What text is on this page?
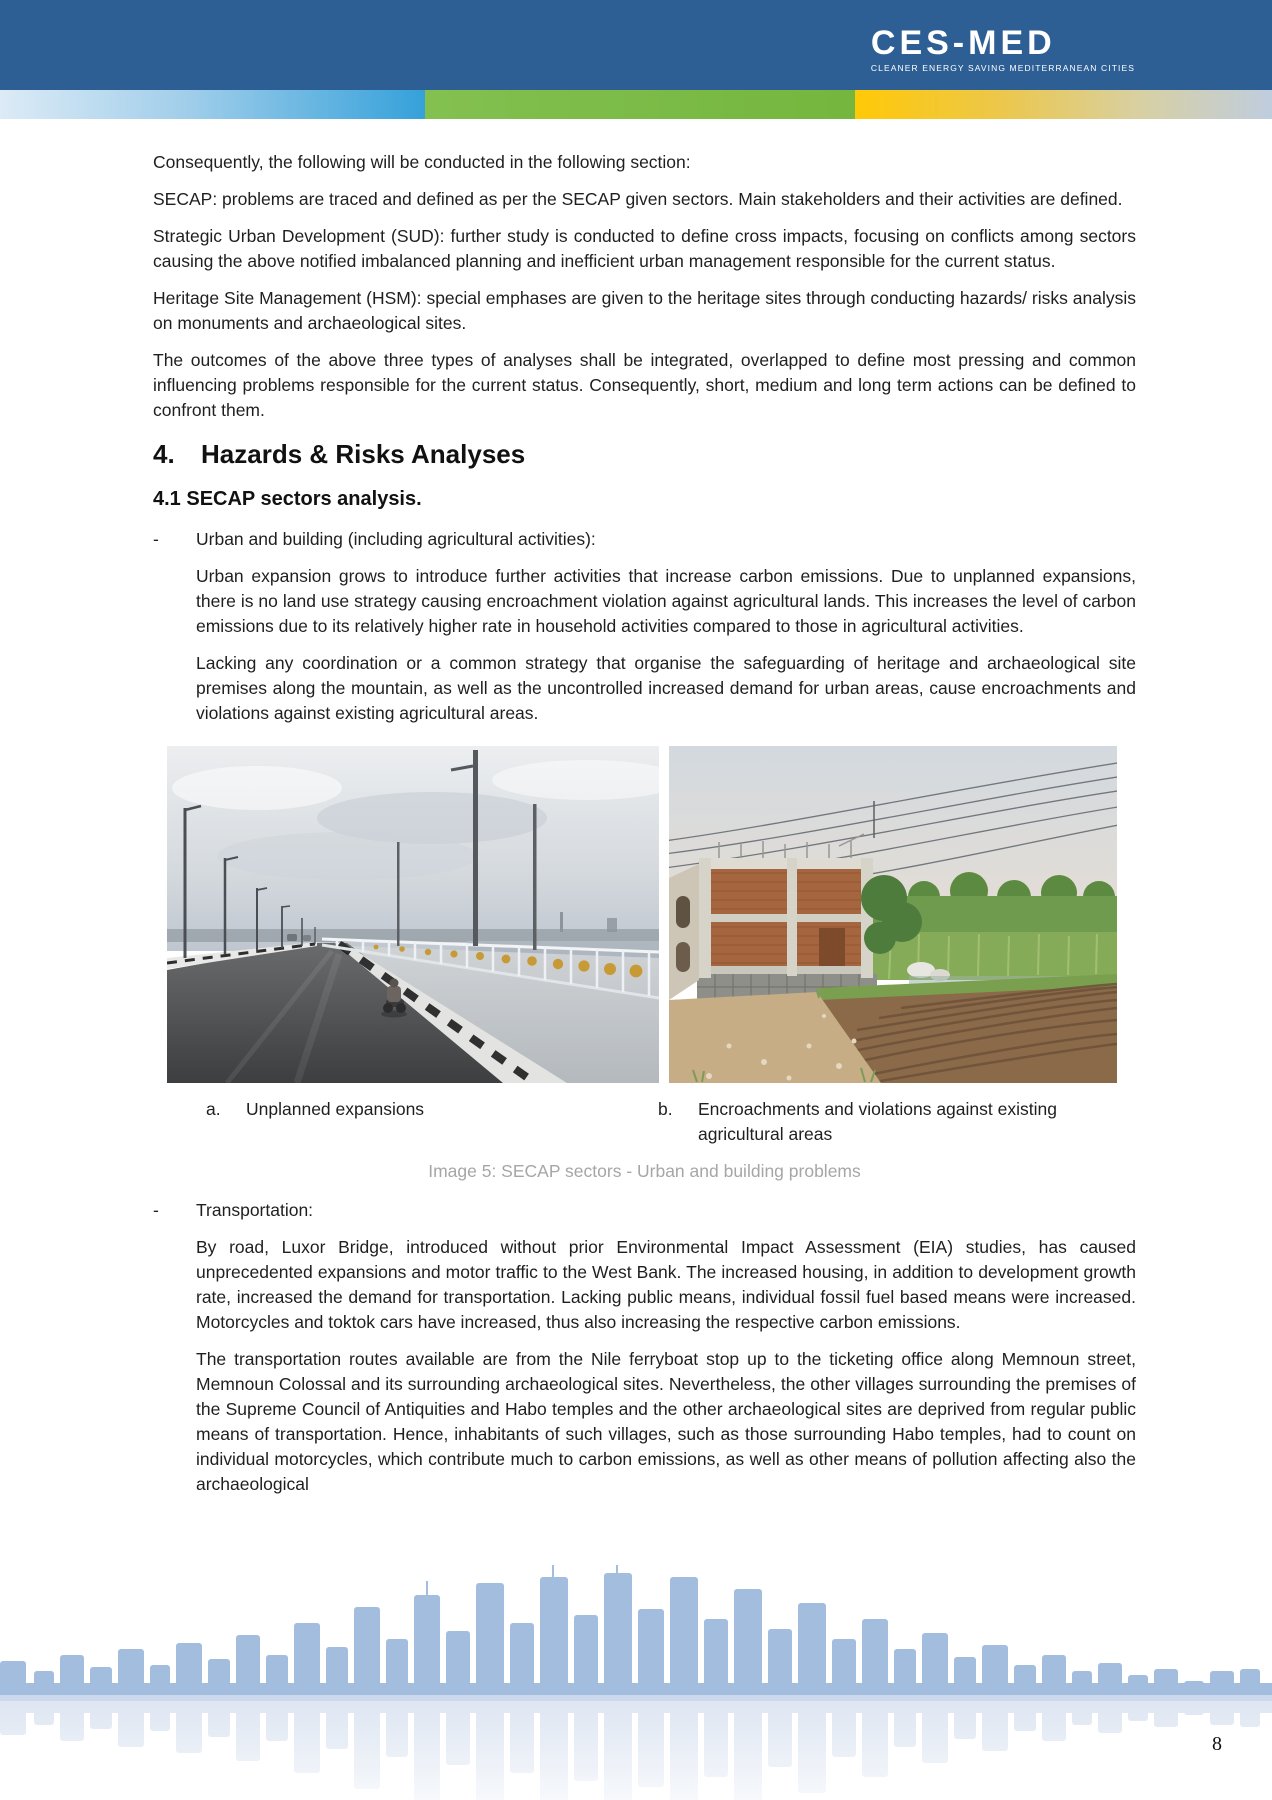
CES-MED
CLEANER ENERGY SAVING MEDITERRANEAN CITIES

Consequently, the following will be conducted in the following section:

SECAP: problems are traced and defined as per the SECAP given sectors. Main stakeholders and their activities are defined.

Strategic Urban Development (SUD): further study is conducted to define cross impacts, focusing on conflicts among sectors causing the above notified imbalanced planning and inefficient urban management responsible for the current status.

Heritage Site Management (HSM): special emphases are given to the heritage sites through conducting hazards/ risks analysis on monuments and archaeological sites.

The outcomes of the above three types of analyses shall be integrated, overlapped to define most pressing and common influencing problems responsible for the current status. Consequently, short, medium and long term actions can be defined to confront them.

4.	Hazards & Risks Analyses
4.1 SECAP sectors analysis.
-	Urban and building (including agricultural activities):

Urban expansion grows to introduce further activities that increase carbon emissions. Due to unplanned expansions, there is no land use strategy causing encroachment violation against agricultural lands. This increases the level of carbon emissions due to its relatively higher rate in household activities compared to those in agricultural activities.

Lacking any coordination or a common strategy that organise the safeguarding of heritage and archaeological site premises along the mountain, as well as the uncontrolled increased demand for urban areas, cause encroachments and violations against existing agricultural areas.

a.	Unplanned expansions	b.	Encroachments and violations against existing agricultural areas
Image 5: SECAP sectors - Urban and building problems
-	Transportation:

By road, Luxor Bridge, introduced without prior Environmental Impact Assessment (EIA) studies, has caused unprecedented expansions and motor traffic to the West Bank. The increased housing, in addition to development growth rate, increased the demand for transportation. Lacking public means, individual fossil fuel based means were increased. Motorcycles and toktok cars have increased, thus also increasing the respective carbon emissions.

The transportation routes available are from the Nile ferryboat stop up to the ticketing office along Memnoun street, Memnoun Colossal and its surrounding archaeological sites. Nevertheless, the other villages surrounding the premises of the Supreme Council of Antiquities and Habo temples and the other archaeological sites are deprived from regular public means of transportation. Hence, inhabitants of such villages, such as those surrounding Habo temples, had to count on individual motorcycles, which contribute much to carbon emissions, as well as other means of pollution affecting also the archaeological

8
